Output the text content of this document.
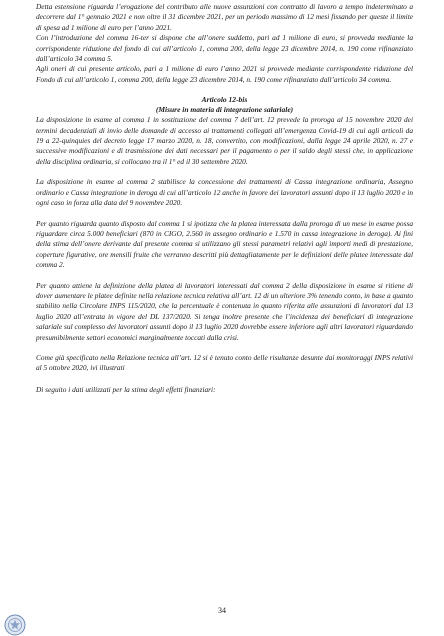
Detta estensione riguarda l’erogazione del contributo alle nuove assunzioni con contratto di lavoro a tempo indeterminato a decorrere dal 1° gennaio 2021 e non oltre il 31 dicembre 2021, per un periodo massimo di 12 mesi fissando per queste il limite di spesa ad 1 milione di euro per l’anno 2021.

Con l’introduzione del comma 16-ter si dispone che all’onere suddetto, pari ad 1 milione di euro, si provveda mediante la corrispondente riduzione del fondo di cui all’articolo 1, comma 200, della legge 23 dicembre 2014, n. 190 come rifinanziato dall’articolo 34 comma 5.

Agli oneri di cui presente articolo, pari a 1 milione di euro l’anno 2021 si provvede mediante corrispondente riduzione del Fondo di cui all’articolo 1, comma 200, della legge 23 dicembre 2014, n. 190 come rifinanziato dall’articolo 34 comma.

Articolo 12-bis
(Misure in materia di integrazione salariale)

La disposizione in esame al comma 1 in sostituzione del comma 7 dell’art. 12 prevede la proroga al 15 novembre 2020 dei termini decadenziali di invio delle domande di accesso ai trattamenti collegati all’emergenza Covid-19 di cui agli articoli da 19 a 22-quinquies del decreto legge 17 marzo 2020, n. 18, convertito, con modificazioni, dalla legge 24 aprile 2020, n. 27 e successive modificazioni e di trasmissione dei dati necessari per il pagamento o per il saldo degli stessi che, in applicazione della disciplina ordinaria, si collocano tra il 1° ed il 30 settembre 2020.

La disposizione in esame al comma 2 stabilisce la concessione dei trattamenti di Cassa integrazione ordinaria, Assegno ordinario e Cassa integrazione in deroga di cui all’articolo 12 anche in favore dei lavoratori assunti dopo il 13 luglio 2020 e in ogni caso in forza alla data del 9 novembre 2020.

Per quanto riguarda quanto disposto dal comma 1 si ipotizza che la platea interessata dalla proroga di un mese in esame possa riguardare circa 5.000 beneficiari (870 in CIGO, 2.560 in assegno ordinario e 1.570 in cassa integrazione in deroga). Ai fini della stima dell’onere derivante dal presente comma si utilizzano gli stessi parametri relativi agli importi medi di prestazione, coperture figurative, ore mensili fruite che verranno descritti più dettagliatamente per le definizioni delle platee interessate dal comma 2.

Per quanto attiene la definizione della platea di lavoratori interessati dal comma 2 della disposizione in esame si ritiene di dover aumentare le platee definite nella relazione tecnica relativa all’art. 12 di un ulteriore 3% tenendo conto, in base a quanto stabilito nella Circolare INPS 115/2020, che la percentuale è contenuta in quanto riferita alle assunzioni di lavoratori dal 13 luglio 2020 all’entrata in vigore del DL 137/2020. Si tenga inoltre presente che l’incidenza dei beneficiari di integrazione salariale sul complesso dei lavoratori assunti dopo il 13 luglio 2020 dovrebbe essere inferiore agli altri lavoratori riguardando presumibilmente settori economici marginalmente toccati dalla crisi.

Come già specificato nella Relazione tecnica all’art. 12 si è tenuto conto delle risultanze desunte dai monitoraggi INPS relativi al 5 ottobre 2020, ivi illustrati

Di seguito i dati utilizzati per la stima degli effetti finanziari:

34
